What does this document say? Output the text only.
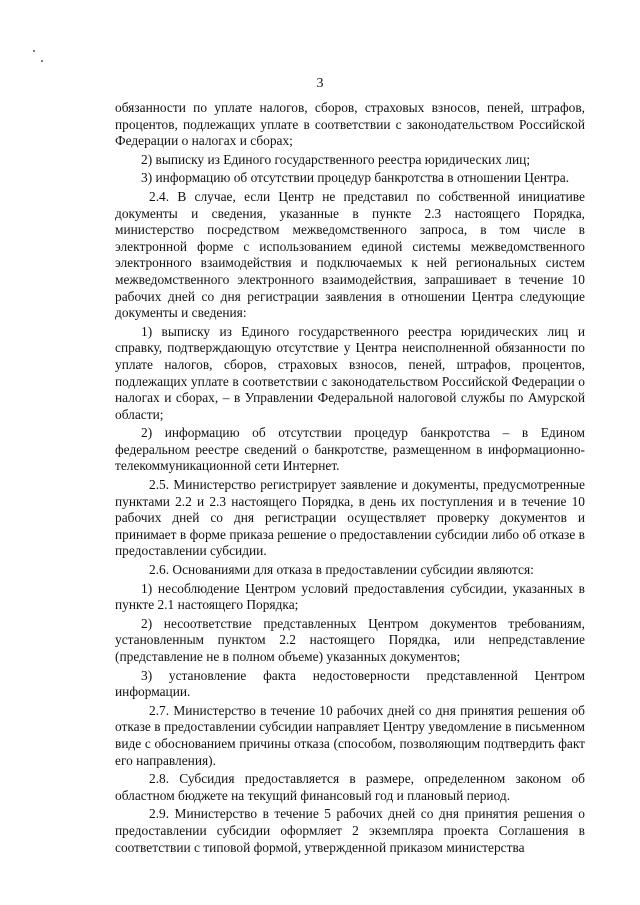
3

обязанности по уплате налогов, сборов, страховых взносов, пеней, штрафов, процентов, подлежащих уплате в соответствии с законодательством Российской Федерации о налогах и сборах;

2) выписку из Единого государственного реестра юридических лиц;

3) информацию об отсутствии процедур банкротства в отношении Центра.

2.4. В случае, если Центр не представил по собственной инициативе документы и сведения, указанные в пункте 2.3 настоящего Порядка, министерство посредством межведомственного запроса, в том числе в электронной форме с использованием единой системы межведомственного электронного взаимодействия и подключаемых к ней региональных систем межведомственного электронного взаимодействия, запрашивает в течение 10 рабочих дней со дня регистрации заявления в отношении Центра следующие документы и сведения:

1) выписку из Единого государственного реестра юридических лиц и справку, подтверждающую отсутствие у Центра неисполненной обязанности по уплате налогов, сборов, страховых взносов, пеней, штрафов, процентов, подлежащих уплате в соответствии с законодательством Российской Федерации о налогах и сборах, – в Управлении Федеральной налоговой службы по Амурской области;

2) информацию об отсутствии процедур банкротства – в Едином федеральном реестре сведений о банкротстве, размещенном в информационно-телекоммуникационной сети Интернет.

2.5. Министерство регистрирует заявление и документы, предусмотренные пунктами 2.2 и 2.3 настоящего Порядка, в день их поступления и в течение 10 рабочих дней со дня регистрации осуществляет проверку документов и принимает в форме приказа решение о предоставлении субсидии либо об отказе в предоставлении субсидии.

2.6. Основаниями для отказа в предоставлении субсидии являются:

1) несоблюдение Центром условий предоставления субсидии, указанных в пункте 2.1 настоящего Порядка;

2) несоответствие представленных Центром документов требованиям, установленным пунктом 2.2 настоящего Порядка, или непредставление (представление не в полном объеме) указанных документов;

3) установление факта недостоверности представленной Центром информации.

2.7. Министерство в течение 10 рабочих дней со дня принятия решения об отказе в предоставлении субсидии направляет Центру уведомление в письменном виде с обоснованием причины отказа (способом, позволяющим подтвердить факт его направления).

2.8. Субсидия предоставляется в размере, определенном законом об областном бюджете на текущий финансовый год и плановый период.

2.9. Министерство в течение 5 рабочих дней со дня принятия решения о предоставлении субсидии оформляет 2 экземпляра проекта Соглашения в соответствии с типовой формой, утвержденной приказом министерства
